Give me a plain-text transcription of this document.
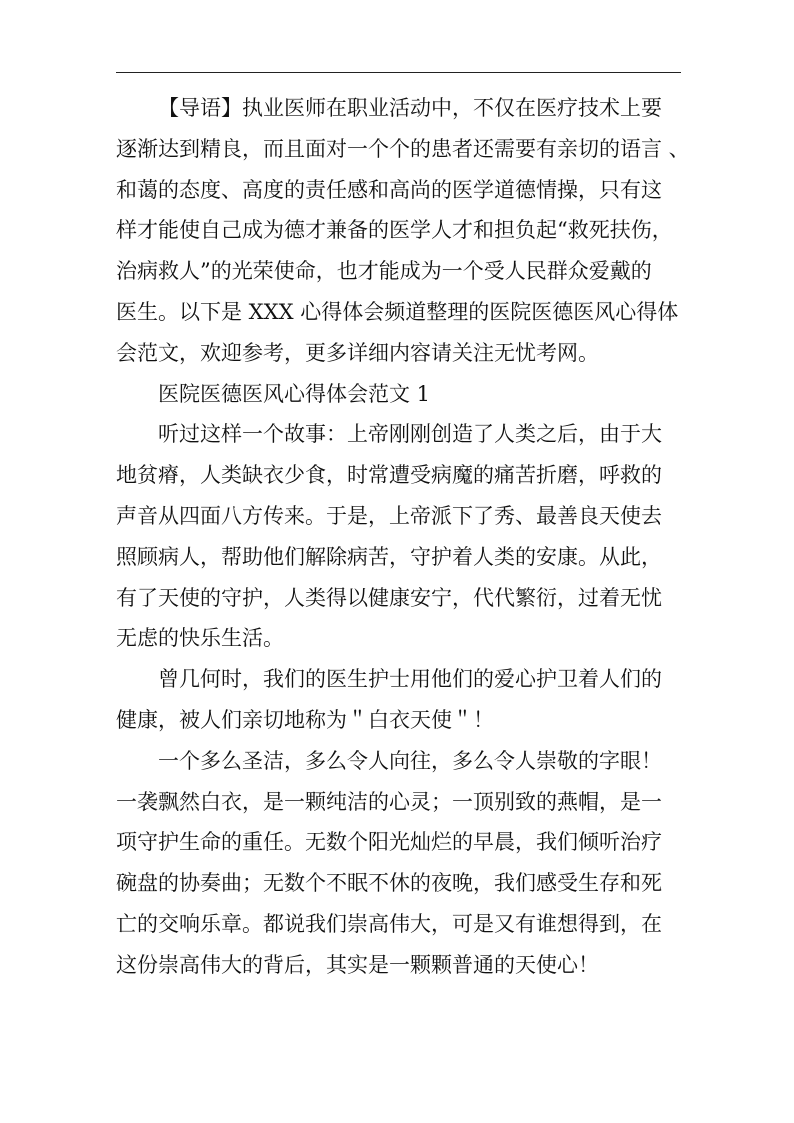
【导语】执业医师在职业活动中，不仅在医疗技术上要
逐渐达到精良，而且面对一个个的患者还需要有亲切的语言 、
和蔼的态度、高度的责任感和高尚的医学道德情操，只有这
样才能使自己成为德才兼备的医学人才和担负起“救死扶伤，
治病救人”的光荣使命，也才能成为一个受人民群众爱戴的
医生。以下是 XXX 心得体会频道整理的医院医德医风心得体
会范文，欢迎参考，更多详细内容请关注无忧考网。
医院医德医风心得体会范文 1
听过这样一个故事：上帝刚刚创造了人类之后，由于大
地贫瘠，人类缺衣少食，时常遭受病魔的痛苦折磨，呼救的
声音从四面八方传来。于是，上帝派下了秀、最善良天使去
照顾病人，帮助他们解除病苦，守护着人类的安康。从此，
有了天使的守护，人类得以健康安宁，代代繁衍，过着无忧
无虑的快乐生活。
曾几何时，我们的医生护士用他们的爱心护卫着人们的
健康，被人们亲切地称为＂白衣天使＂！
一个多么圣洁，多么令人向往，多么令人崇敬的字眼！
一袭飘然白衣，是一颗纯洁的心灵；一顶别致的燕帽，是一
项守护生命的重任。无数个阳光灿烂的早晨，我们倾听治疗
碗盘的协奏曲；无数个不眠不休的夜晚，我们感受生存和死
亡的交响乐章。都说我们崇高伟大，可是又有谁想得到，在
这份崇高伟大的背后，其实是一颗颗普通的天使心！
